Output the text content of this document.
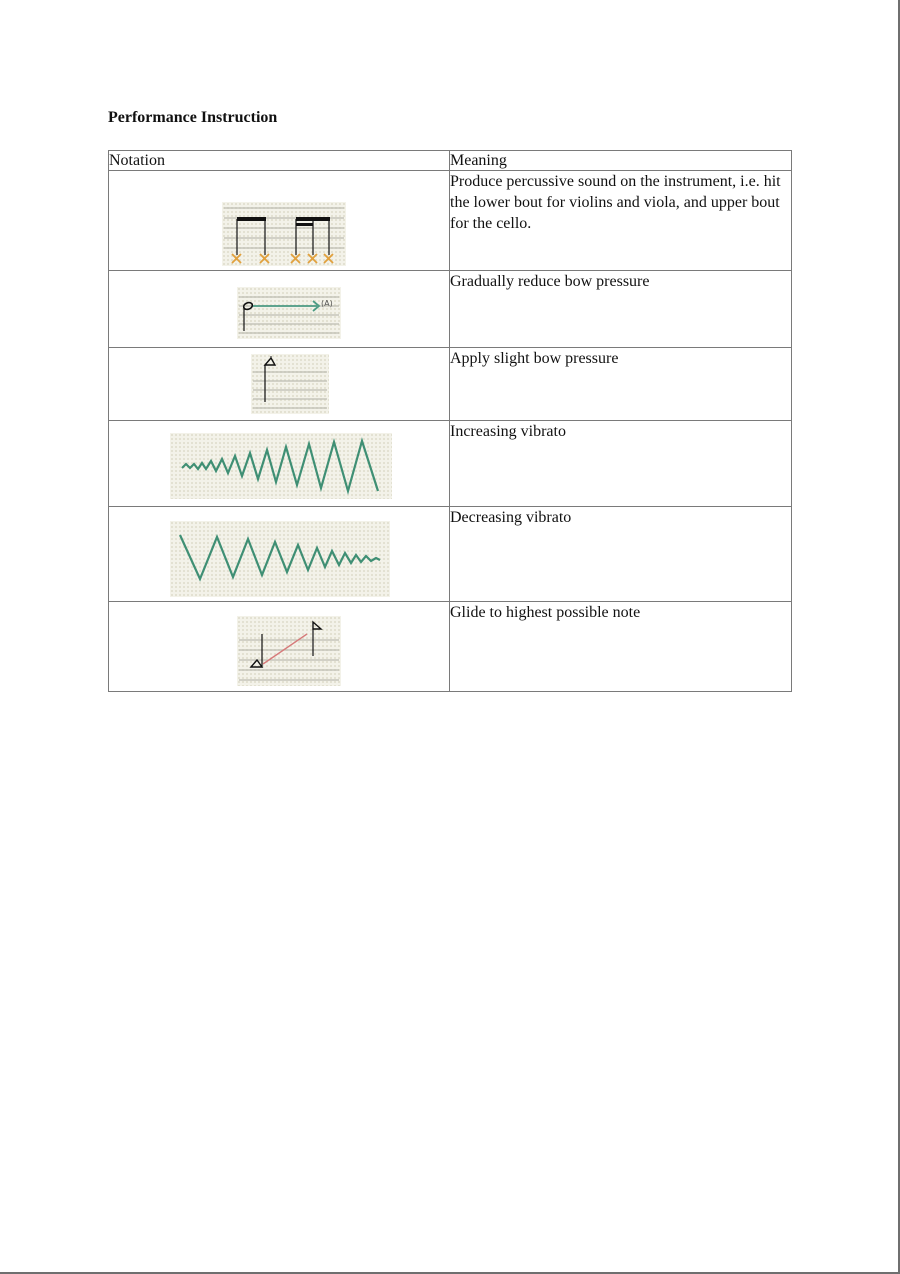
Performance Instruction
Notation	Meaning

	Produce percussive sound on the instrument, i.e. hit the lower bout for violins and viola, and upper bout for the cello.

(A)	Gradually reduce bow pressure

	Apply slight bow pressure

	Increasing vibrato

	Decreasing vibrato

	Glide to highest possible note
